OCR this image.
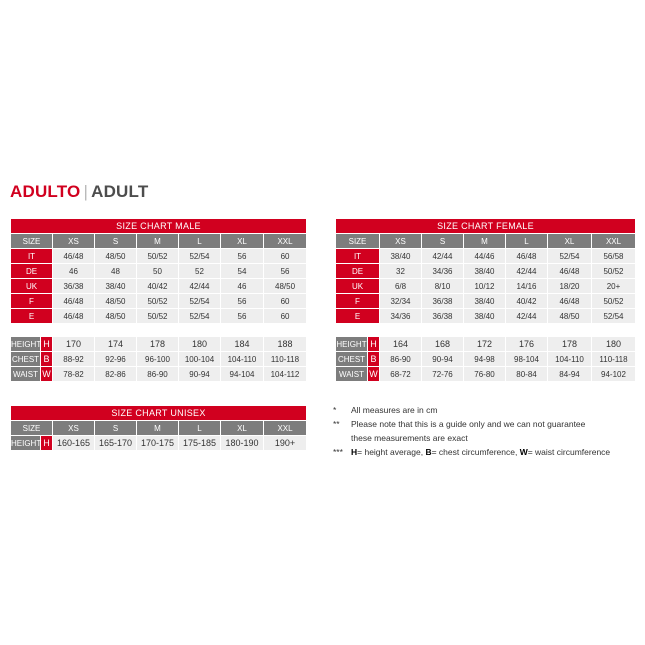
ADULTO | ADULT
SIZE CHART MALE						
SIZE	XS	S	M	L	XL	XXL
IT	46/48	48/50	50/52	52/54	56	60
DE	46	48	50	52	54	56
UK	36/38	38/40	40/42	42/44	46	48/50
F	46/48	48/50	50/52	52/54	56	60
E	46/48	48/50	50/52	52/54	56	60
HEIGHT	H	170	174	178	180	184	188
CHEST	B	88-92	92-96	96-100	100-104	104-110	110-118
WAIST	W	78-82	82-86	86-90	90-94	94-104	104-112
SIZE CHART FEMALE						
SIZE	XS	S	M	L	XL	XXL
IT	38/40	42/44	44/46	46/48	52/54	56/58
DE	32	34/36	38/40	42/44	46/48	50/52
UK	6/8	8/10	10/12	14/16	18/20	20+
F	32/34	36/38	38/40	40/42	46/48	50/52
E	34/36	36/38	38/40	42/44	48/50	52/54
HEIGHT	H	164	168	172	176	178	180
CHEST	B	86-90	90-94	94-98	98-104	104-110	110-118
WAIST	W	68-72	72-76	76-80	80-84	84-94	94-102
SIZE CHART UNISEX							
SIZE		XS	S	M	L	XL	XXL
HEIGHT	H	160-165	165-170	170-175	175-185	180-190	190+
*	All measures are in cm
**	Please note that this is a guide only and we can not guarantee
these measurements are exact
*** H= height average, B= chest circumference, W= waist circumference
